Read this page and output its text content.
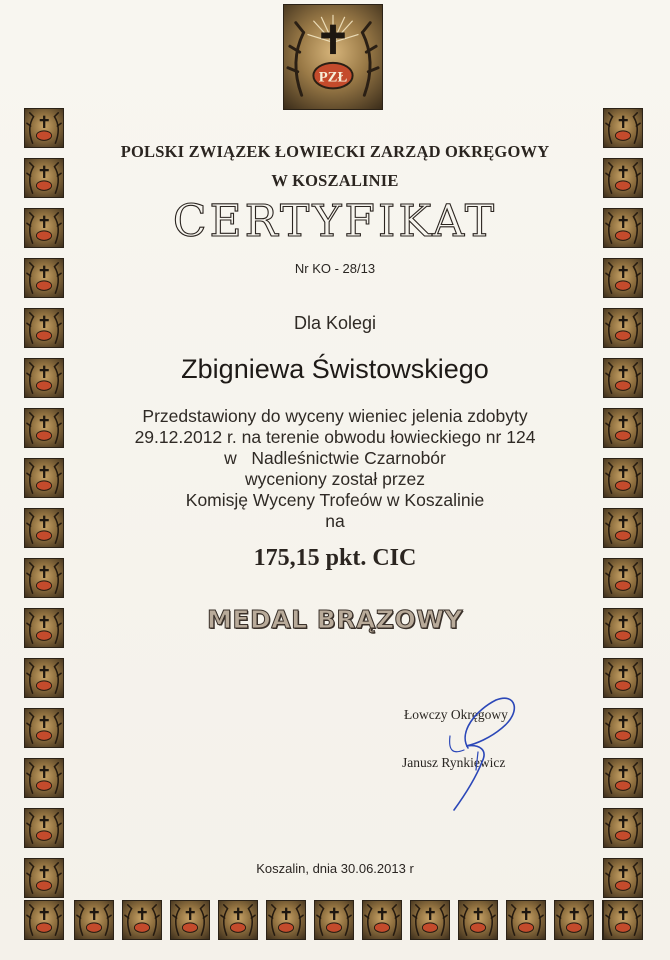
PZŁ
POLSKI ZWIĄZEK ŁOWIECKI ZARZĄD OKRĘGOWY
W KOSZALINIE
CERTYFIKAT
Nr KO - 28/13
Dla Kolegi
Zbigniewa Świstowskiego
Przedstawiony do wyceny wieniec jelenia zdobyty
29.12.2012 r. na terenie obwodu łowieckiego nr 124
w   Nadleśnictwie Czarnobór
wyceniony został przez
Komisję Wyceny Trofeów w Koszalinie
na
175,15 pkt. CIC
MEDAL BRĄZOWY
Łowczy Okręgowy
Janusz Rynkiewicz
Koszalin, dnia 30.06.2013 r
